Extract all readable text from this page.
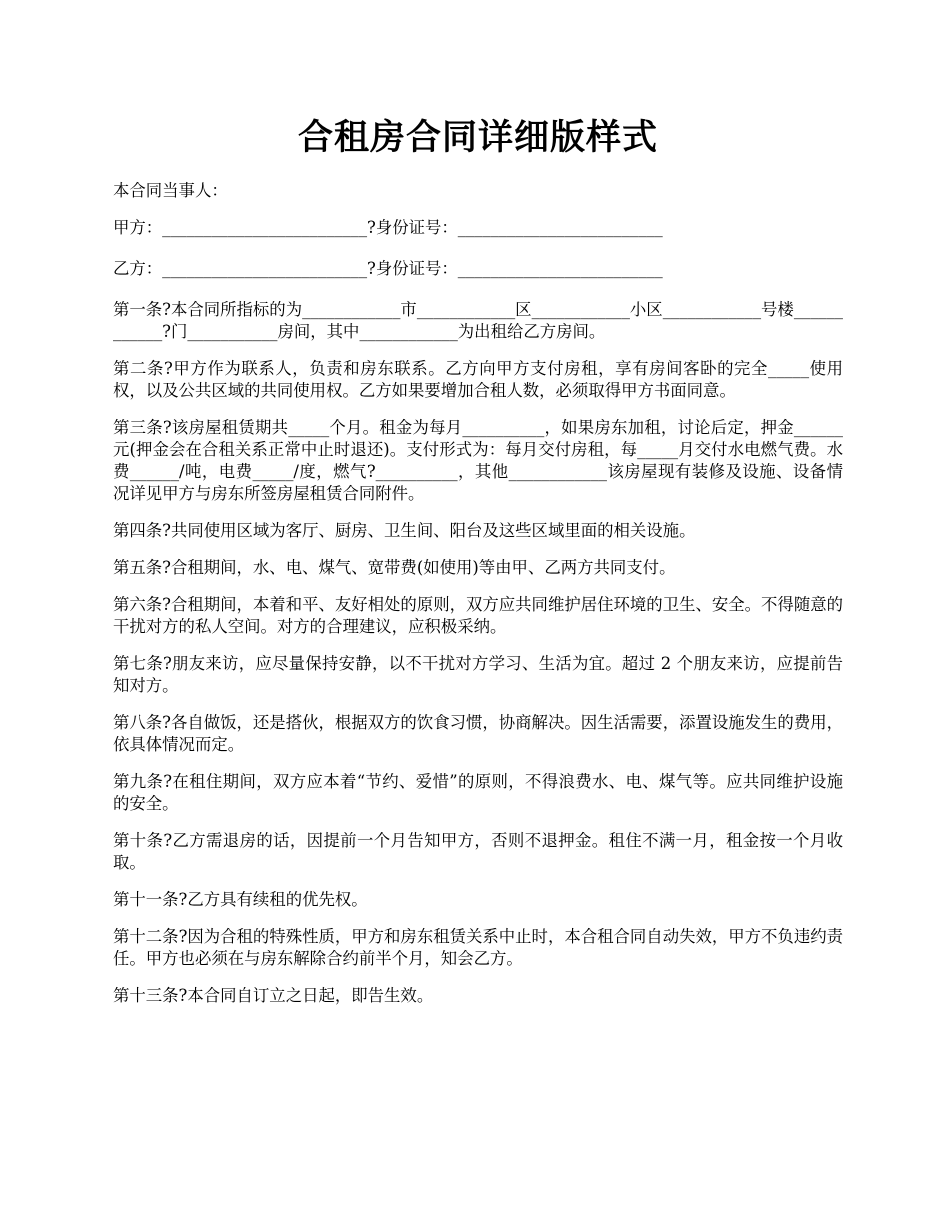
合租房合同详细版样式

本合同当事人：

甲方：_________________________?身份证号：_________________________

乙方：_________________________?身份证号：_________________________

第一条?本合同所指标的为____________市____________区____________小区____________号楼____________?门___________房间，其中____________为出租给乙方房间。

第二条?甲方作为联系人，负责和房东联系。乙方向甲方支付房租，享有房间客卧的完全_____使用权，以及公共区域的共同使用权。乙方如果要增加合租人数，必须取得甲方书面同意。

第三条?该房屋租赁期共_____个月。租金为每月__________，如果房东加租，讨论后定，押金______元(押金会在合租关系正常中止时退还)。支付形式为：每月交付房租，每_____月交付水电燃气费。水费______/吨，电费_____/度，燃气?__________，其他____________该房屋现有装修及设施、设备情况详见甲方与房东所签房屋租赁合同附件。

第四条?共同使用区域为客厅、厨房、卫生间、阳台及这些区域里面的相关设施。

第五条?合租期间，水、电、煤气、宽带费(如使用)等由甲、乙两方共同支付。

第六条?合租期间，本着和平、友好相处的原则，双方应共同维护居住环境的卫生、安全。不得随意的干扰对方的私人空间。对方的合理建议，应积极采纳。

第七条?朋友来访，应尽量保持安静，以不干扰对方学习、生活为宜。超过 2 个朋友来访，应提前告知对方。

第八条?各自做饭，还是搭伙，根据双方的饮食习惯，协商解决。因生活需要，添置设施发生的费用，依具体情况而定。

第九条?在租住期间，双方应本着“节约、爱惜”的原则，不得浪费水、电、煤气等。应共同维护设施的安全。

第十条?乙方需退房的话，因提前一个月告知甲方，否则不退押金。租住不满一月，租金按一个月收取。

第十一条?乙方具有续租的优先权。

第十二条?因为合租的特殊性质，甲方和房东租赁关系中止时，本合租合同自动失效，甲方不负违约责任。甲方也必须在与房东解除合约前半个月，知会乙方。

第十三条?本合同自订立之日起，即告生效。
